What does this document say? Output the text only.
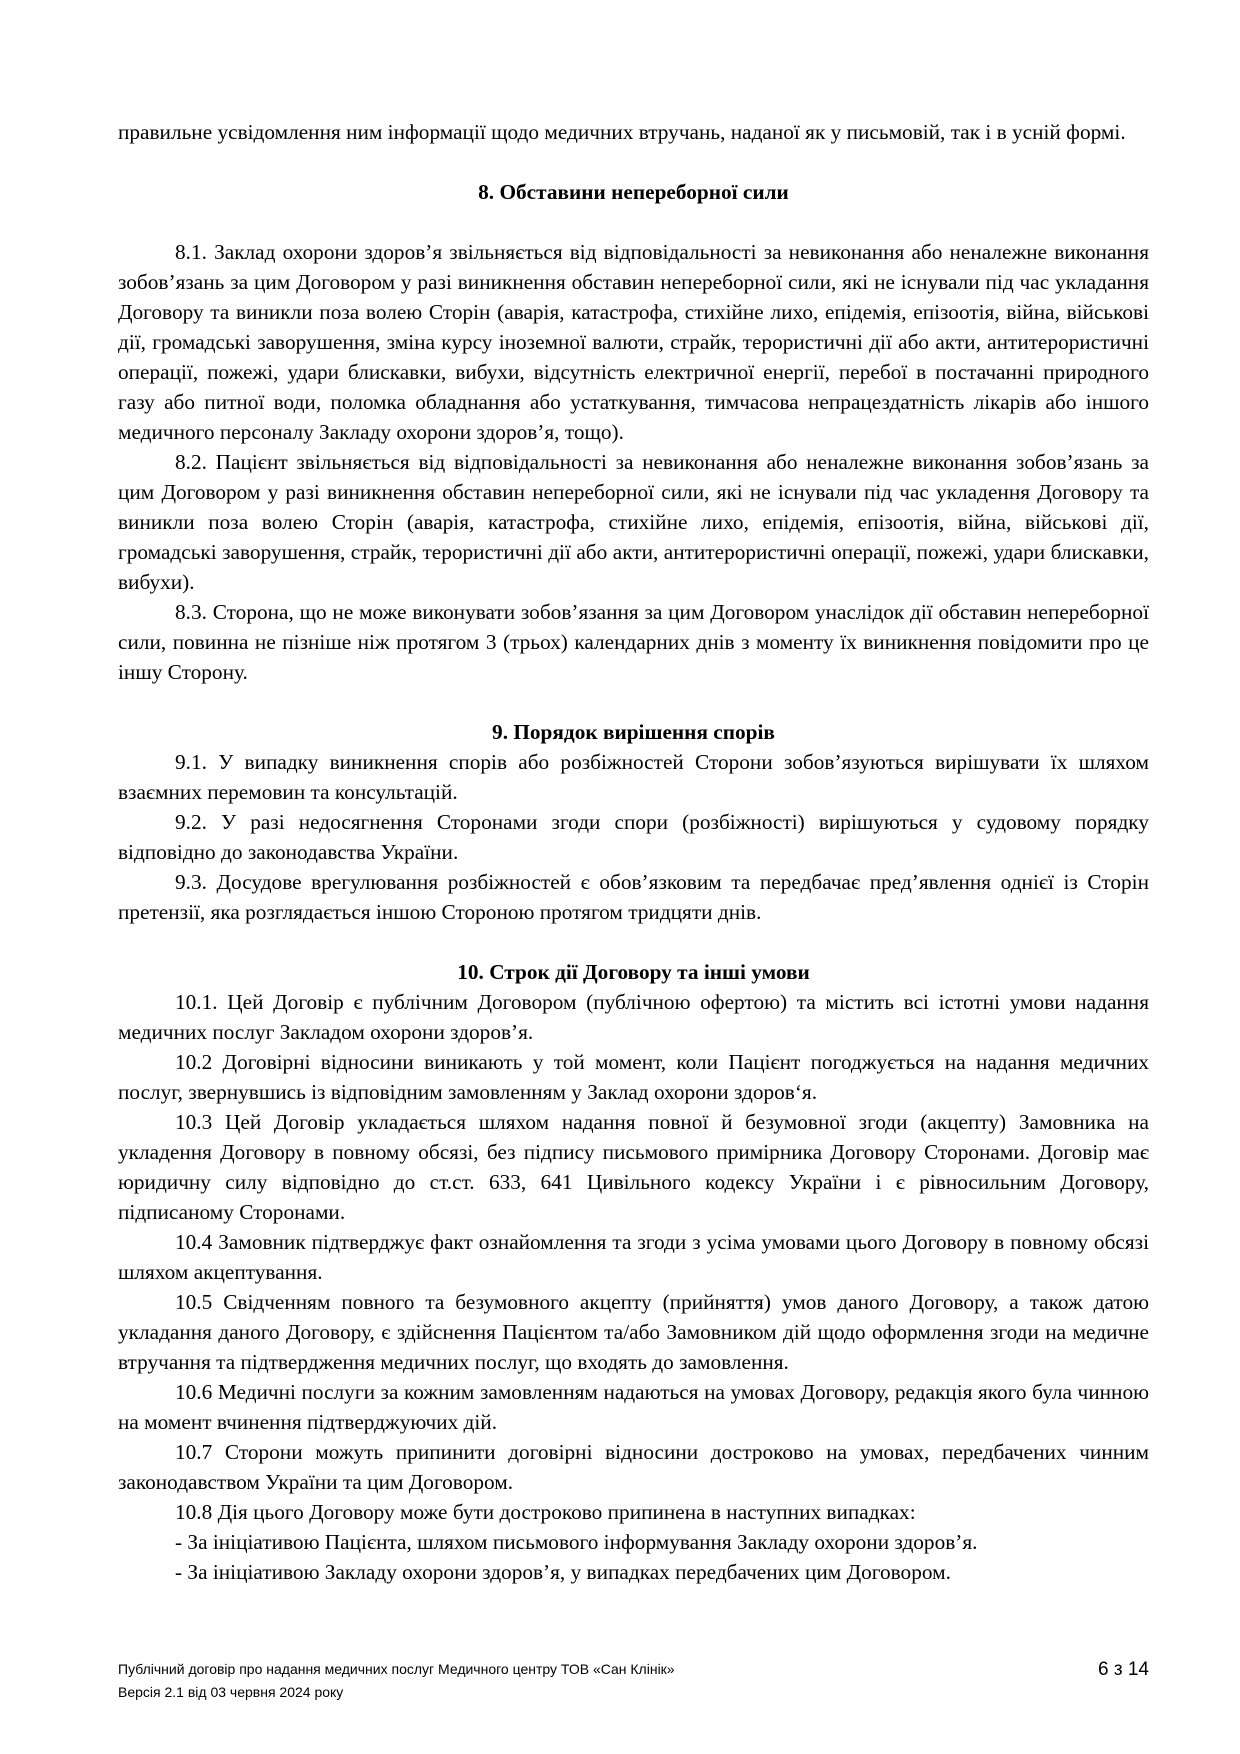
правильне усвідомлення ним інформації щодо медичних втручань, наданої як у письмовій, так і в усній формі.

8. Обставини непереборної сили

8.1. Заклад охорони здоров’я звільняється від відповідальності за невиконання або неналежне виконання зобов’язань за цим Договором у разі виникнення обставин непереборної сили, які не існували під час укладання Договору та виникли поза волею Сторін (аварія, катастрофа, стихійне лихо, епідемія, епізоотія, війна, військові дії, громадські заворушення, зміна курсу іноземної валюти, страйк, терористичні дії або акти, антитерористичні операції, пожежі, удари блискавки, вибухи, відсутність електричної енергії, перебої в постачанні природного газу або питної води, поломка обладнання або устаткування, тимчасова непрацездатність лікарів або іншого медичного персоналу Закладу охорони здоров’я, тощо).

8.2. Пацієнт звільняється від відповідальності за невиконання або неналежне виконання зобов’язань за цим Договором у разі виникнення обставин непереборної сили, які не існували під час укладення Договору та виникли поза волею Сторін (аварія, катастрофа, стихійне лихо, епідемія, епізоотія, війна, військові дії, громадські заворушення, страйк, терористичні дії або акти, антитерористичні операції, пожежі, удари блискавки, вибухи).

8.3. Сторона, що не може виконувати зобов’язання за цим Договором унаслідок дії обставин непереборної сили, повинна не пізніше ніж протягом 3 (трьох) календарних днів з моменту їх виникнення повідомити про це іншу Сторону.

9. Порядок вирішення спорів

9.1. У випадку виникнення спорів або розбіжностей Сторони зобов’язуються вирішувати їх шляхом взаємних перемовин та консультацій.

9.2. У разі недосягнення Сторонами згоди спори (розбіжності) вирішуються у судовому порядку відповідно до законодавства України.

9.3. Досудове врегулювання розбіжностей є обов’язковим та передбачає пред’явлення однієї із Сторін претензії, яка розглядається іншою Стороною протягом тридцяти днів.

10. Строк дії Договору та інші умови

10.1. Цей Договір є публічним Договором (публічною офертою) та містить всі істотні умови надання медичних послуг Закладом охорони здоров’я.

10.2 Договірні відносини виникають у той момент, коли Пацієнт погоджується на надання медичних послуг, звернувшись із відповідним замовленням у Заклад охорони здоров‘я.

10.3 Цей Договір укладається шляхом надання повної й безумовної згоди (акцепту) Замовника на укладення Договору в повному обсязі, без підпису письмового примірника Договору Сторонами. Договір має юридичну силу відповідно до ст.ст. 633, 641 Цивільного кодексу України і є рівносильним Договору, підписаному Сторонами.

10.4 Замовник підтверджує факт ознайомлення та згоди з усіма умовами цього Договору в повному обсязі шляхом акцептування.

10.5 Свідченням повного та безумовного акцепту (прийняття) умов даного Договору, а також датою укладання даного Договору, є здійснення Пацієнтом та/або Замовником дій щодо оформлення згоди на медичне втручання та підтвердження медичних послуг, що входять до замовлення.

10.6 Медичні послуги за кожним замовленням надаються на умовах Договору, редакція якого була чинною на момент вчинення підтверджуючих дій.

10.7 Сторони можуть припинити договірні відносини достроково на умовах, передбачених чинним законодавством України та цим Договором.

10.8 Дія цього Договору може бути достроково припинена в наступних випадках:

- За ініціативою Пацієнта, шляхом письмового інформування Закладу охорони здоров’я.

- За ініціативою Закладу охорони здоров’я, у випадках передбачених цим Договором.

Публічний договір про надання медичних послуг Медичного центру ТОВ «Сан Клінік»
Версія 2.1 від 03 червня 2024 року
6 з 14
